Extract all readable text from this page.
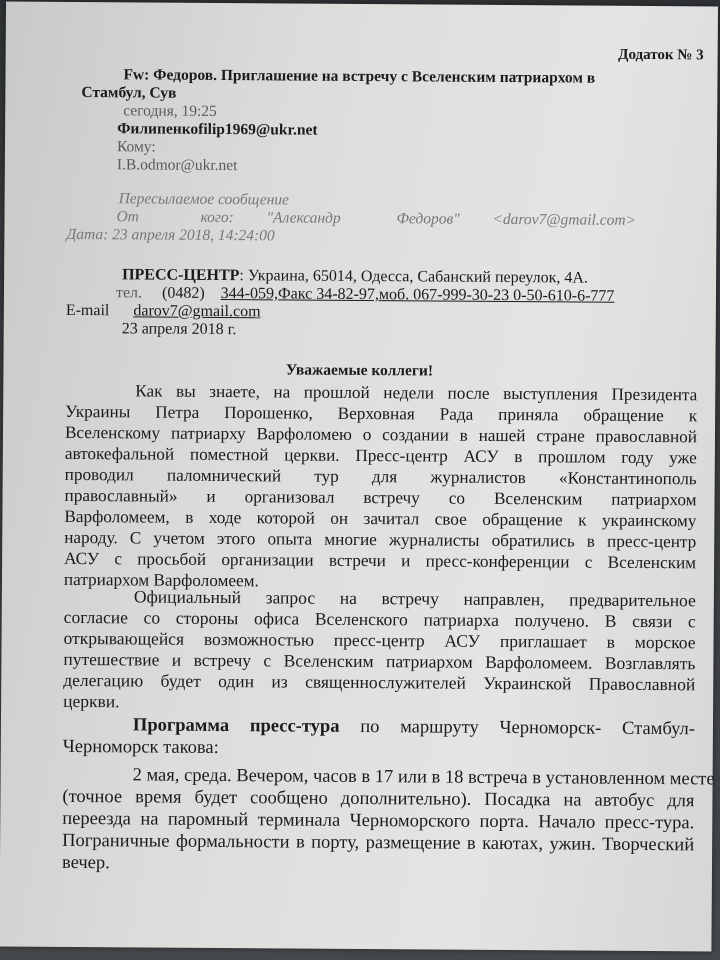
Додаток № 3
Fw: Федоров. Приглашение на встречу с Вселенским патриархом в
Стамбул, Сув
сегодня, 19:25
Филипенкоfilip1969@ukr.net
Кому:
I.B.odmor@ukr.net
Пересылаемое сообщение
От	кого: "Александр	Федоров" <darov7@gmail.com>
Дата: 23 апреля 2018, 14:24:00
ПРЕСС-ЦЕНТР: Украина, 65014, Одесса, Сабанский переулок, 4А.
тел. (0482) 344-059,Факс 34-82-97,моб. 067-999-30-23 0-50-610-6-777
E-mail darov7@gmail.com
23 апреля 2018 г.
Уважаемые коллеги!
Как вы знаете, на прошлой недели после выступления Президента
Украины Петра Порошенко, Верховная Рада приняла обращение к
Вселенскому патриарху Варфоломею о создании в нашей стране православной
автокефальной поместной церкви. Пресс-центр АСУ в прошлом году уже
проводил паломнический тур для журналистов «Константинополь
православный» и организовал встречу со Вселенским патриархом
Варфоломеем, в ходе которой он зачитал свое обращение к украинскому
народу. С учетом этого опыта многие журналисты обратились в пресс-центр
АСУ с просьбой организации встречи и пресс-конференции с Вселенским
патриархом Варфоломеем.
Официальный запрос на встречу направлен, предварительное
согласие со стороны офиса Вселенского патриарха получено. В связи с
открывающейся возможностью пресс-центр АСУ приглашает в морское
путешествие и встречу с Вселенским патриархом Варфоломеем. Возглавлять
делегацию будет один из священнослужителей Украинской Православной
церкви.
Программа пресс-тура по маршруту Черноморск- Стамбул-
Черноморск такова:
2 мая, среда. Вечером, часов в 17 или в 18 встреча в установленном месте
(точное время будет сообщено дополнительно). Посадка на автобус для
переезда на паромный терминала Черноморского порта. Начало пресс-тура.
Пограничные формальности в порту, размещение в каютах, ужин. Творческий
вечер.
